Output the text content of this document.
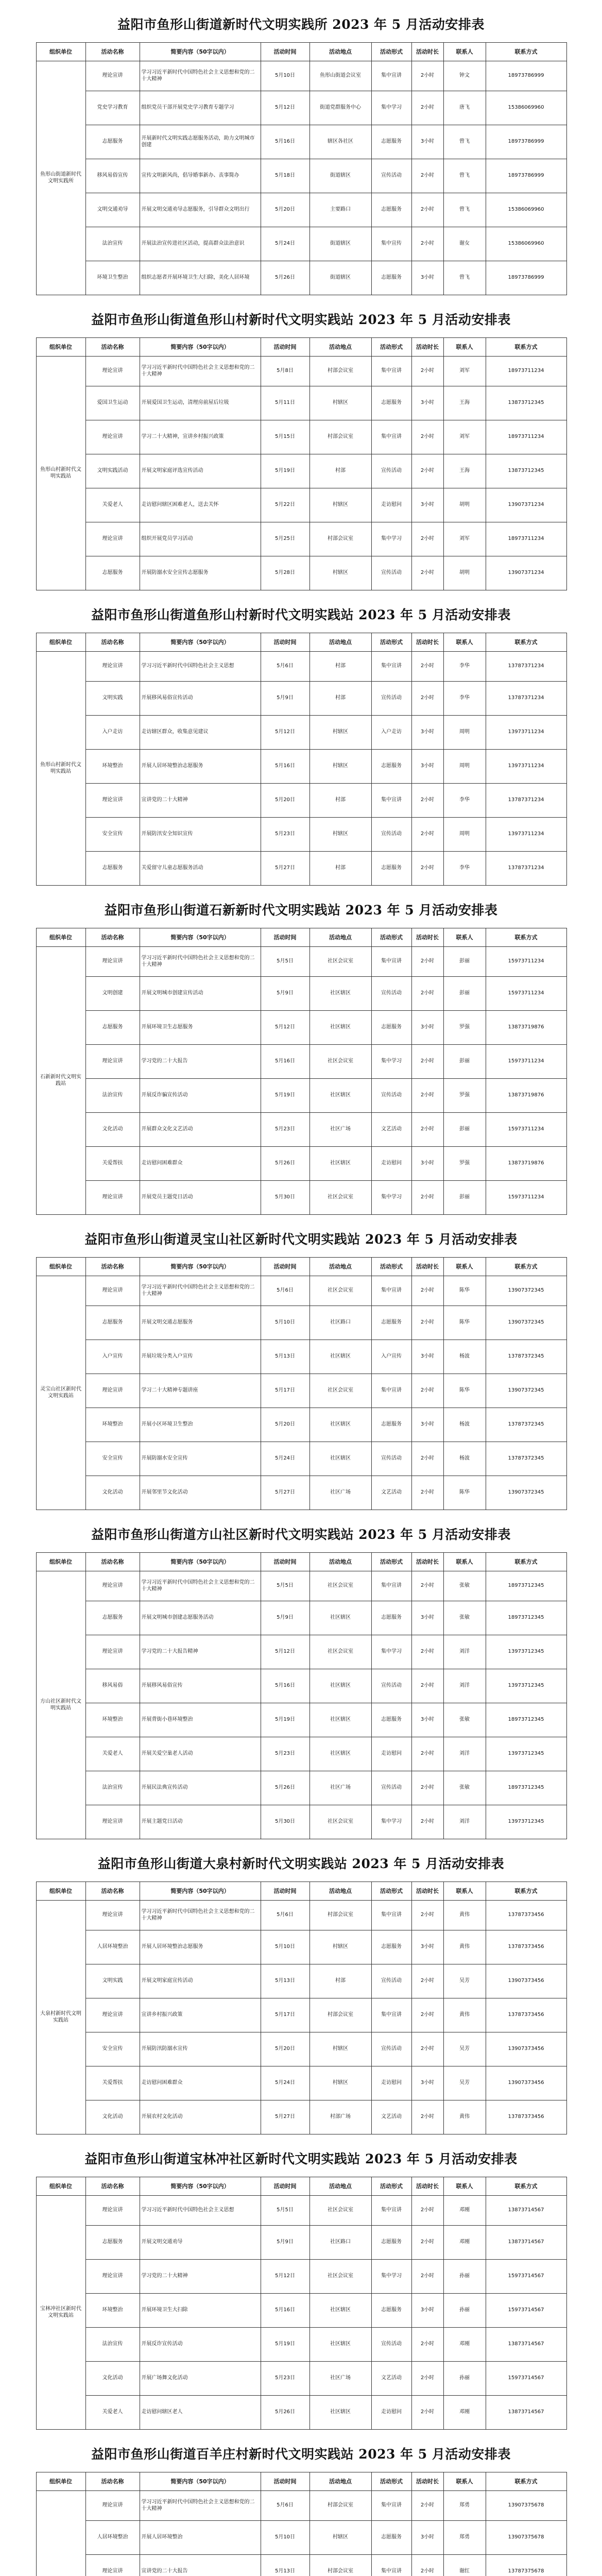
益阳市鱼形山街道新时代文明实践所 2023 年 5 月活动安排表
组织单位	活动名称	简要内容（50字以内）	活动时间	活动地点	活动形式	活动时长	联系人	联系方式
鱼形山街道新时代文明实践所	理论宣讲	学习习近平新时代中国特色社会主义思想和党的二十大精神	5月10日	鱼形山街道会议室	集中宣讲	2小时	钟文	18973786999
	党史学习教育	组织党员干部开展党史学习教育专题学习	5月12日	街道党群服务中心	集中学习	2小时	唐飞	15386069960
	志愿服务	开展新时代文明实践志愿服务活动，助力文明城市创建	5月16日	辖区各社区	志愿服务	3小时	曾飞	18973786999
	移风易俗宣传	宣传文明新风尚，倡导婚事新办、丧事简办	5月18日	街道辖区	宣传活动	2小时	曾飞	18973786999
	文明交通劝导	开展文明交通劝导志愿服务，引导群众文明出行	5月20日	主要路口	志愿服务	2小时	曾飞	15386069960
	法治宣传	开展法治宣传进社区活动，提高群众法治意识	5月24日	街道辖区	集中宣传	2小时	谢女	15386069960
	环境卫生整治	组织志愿者开展环境卫生大扫除，美化人居环境	5月26日	街道辖区	志愿服务	3小时	曾飞	18973786999
益阳市鱼形山街道鱼形山村新时代文明实践站 2023 年 5 月活动安排表
组织单位	活动名称	简要内容（50字以内）	活动时间	活动地点	活动形式	活动时长	联系人	联系方式
鱼形山村新时代文明实践站	理论宣讲	学习习近平新时代中国特色社会主义思想和党的二十大精神	5月8日	村部会议室	集中宣讲	2小时	刘军	18973711234
	爱国卫生运动	开展爱国卫生运动，清理房前屋后垃圾	5月11日	村辖区	志愿服务	3小时	王海	13873712345
	理论宣讲	学习二十大精神，宣讲乡村振兴政策	5月15日	村部会议室	集中宣讲	2小时	刘军	18973711234
	文明实践活动	开展文明家庭评选宣传活动	5月19日	村部	宣传活动	2小时	王海	13873712345
	关爱老人	走访慰问辖区困难老人，送去关怀	5月22日	村辖区	走访慰问	3小时	胡明	13907371234
	理论宣讲	组织开展党员学习活动	5月25日	村部会议室	集中学习	2小时	刘军	18973711234
	志愿服务	开展防溺水安全宣传志愿服务	5月28日	村辖区	宣传活动	2小时	胡明	13907371234
益阳市鱼形山街道鱼形山村新时代文明实践站 2023 年 5 月活动安排表
组织单位	活动名称	简要内容（50字以内）	活动时间	活动地点	活动形式	活动时长	联系人	联系方式
鱼形山村新时代文明实践站	理论宣讲	学习习近平新时代中国特色社会主义思想	5月6日	村部	集中宣讲	2小时	李华	13787371234
	文明实践	开展移风易俗宣传活动	5月9日	村部	宣传活动	2小时	李华	13787371234
	入户走访	走访辖区群众，收集意见建议	5月12日	村辖区	入户走访	3小时	周明	13973711234
	环境整治	开展人居环境整治志愿服务	5月16日	村辖区	志愿服务	3小时	周明	13973711234
	理论宣讲	宣讲党的二十大精神	5月20日	村部	集中宣讲	2小时	李华	13787371234
	安全宣传	开展防汛安全知识宣传	5月23日	村辖区	宣传活动	2小时	周明	13973711234
	志愿服务	关爱留守儿童志愿服务活动	5月27日	村部	志愿服务	2小时	李华	13787371234
益阳市鱼形山街道石新新时代文明实践站 2023 年 5 月活动安排表
组织单位	活动名称	简要内容（50字以内）	活动时间	活动地点	活动形式	活动时长	联系人	联系方式
石新新时代文明实践站	理论宣讲	学习习近平新时代中国特色社会主义思想和党的二十大精神	5月5日	社区会议室	集中宣讲	2小时	彭丽	15973711234
	文明创建	开展文明城市创建宣传活动	5月9日	社区辖区	宣传活动	2小时	彭丽	15973711234
	志愿服务	开展环境卫生志愿服务	5月12日	社区辖区	志愿服务	3小时	罗强	13873719876
	理论宣讲	学习党的二十大报告	5月16日	社区会议室	集中学习	2小时	彭丽	15973711234
	法治宣传	开展反诈骗宣传活动	5月19日	社区辖区	宣传活动	2小时	罗强	13873719876
	文化活动	开展群众文化文艺活动	5月23日	社区广场	文艺活动	2小时	彭丽	15973711234
	关爱帮扶	走访慰问困难群众	5月26日	社区辖区	走访慰问	3小时	罗强	13873719876
	理论宣讲	开展党员主题党日活动	5月30日	社区会议室	集中学习	2小时	彭丽	15973711234
益阳市鱼形山街道灵宝山社区新时代文明实践站 2023 年 5 月活动安排表
组织单位	活动名称	简要内容（50字以内）	活动时间	活动地点	活动形式	活动时长	联系人	联系方式
灵宝山社区新时代文明实践站	理论宣讲	学习习近平新时代中国特色社会主义思想和党的二十大精神	5月6日	社区会议室	集中宣讲	2小时	陈华	13907372345
	志愿服务	开展文明交通志愿服务	5月10日	社区路口	志愿服务	2小时	陈华	13907372345
	入户宣传	开展垃圾分类入户宣传	5月13日	社区辖区	入户宣传	3小时	杨波	13787372345
	理论宣讲	学习二十大精神专题讲座	5月17日	社区会议室	集中宣讲	2小时	陈华	13907372345
	环境整治	开展小区环境卫生整治	5月20日	社区辖区	志愿服务	3小时	杨波	13787372345
	安全宣传	开展防溺水安全宣传	5月24日	社区辖区	宣传活动	2小时	杨波	13787372345
	文化活动	开展邻里节文化活动	5月27日	社区广场	文艺活动	2小时	陈华	13907372345
益阳市鱼形山街道方山社区新时代文明实践站 2023 年 5 月活动安排表
组织单位	活动名称	简要内容（50字以内）	活动时间	活动地点	活动形式	活动时长	联系人	联系方式
方山社区新时代文明实践站	理论宣讲	学习习近平新时代中国特色社会主义思想和党的二十大精神	5月5日	社区会议室	集中宣讲	2小时	张敏	18973712345
	志愿服务	开展文明城市创建志愿服务活动	5月9日	社区辖区	志愿服务	3小时	张敏	18973712345
	理论宣讲	学习党的二十大报告精神	5月12日	社区会议室	集中学习	2小时	刘洋	13973712345
	移风易俗	开展移风易俗宣传	5月16日	社区辖区	宣传活动	2小时	刘洋	13973712345
	环境整治	开展背街小巷环境整治	5月19日	社区辖区	志愿服务	3小时	张敏	18973712345
	关爱老人	开展关爱空巢老人活动	5月23日	社区辖区	走访慰问	2小时	刘洋	13973712345
	法治宣传	开展民法典宣传活动	5月26日	社区广场	宣传活动	2小时	张敏	18973712345
	理论宣讲	开展主题党日活动	5月30日	社区会议室	集中学习	2小时	刘洋	13973712345
益阳市鱼形山街道大泉村新时代文明实践站 2023 年 5 月活动安排表
组织单位	活动名称	简要内容（50字以内）	活动时间	活动地点	活动形式	活动时长	联系人	联系方式
大泉村新时代文明实践站	理论宣讲	学习习近平新时代中国特色社会主义思想和党的二十大精神	5月6日	村部会议室	集中宣讲	2小时	黄伟	13787373456
	人居环境整治	开展人居环境整治志愿服务	5月10日	村辖区	志愿服务	3小时	黄伟	13787373456
	文明实践	开展文明家庭宣传活动	5月13日	村部	宣传活动	2小时	吴芳	13907373456
	理论宣讲	宣讲乡村振兴政策	5月17日	村部会议室	集中宣讲	2小时	黄伟	13787373456
	安全宣传	开展防汛防溺水宣传	5月20日	村辖区	宣传活动	2小时	吴芳	13907373456
	关爱帮扶	走访慰问困难群众	5月24日	村辖区	走访慰问	3小时	吴芳	13907373456
	文化活动	开展农村文化活动	5月27日	村部广场	文艺活动	2小时	黄伟	13787373456
益阳市鱼形山街道宝林冲社区新时代文明实践站 2023 年 5 月活动安排表
组织单位	活动名称	简要内容（50字以内）	活动时间	活动地点	活动形式	活动时长	联系人	联系方式
宝林冲社区新时代文明实践站	理论宣讲	学习习近平新时代中国特色社会主义思想	5月5日	社区会议室	集中宣讲	2小时	邓刚	13873714567
	志愿服务	开展文明交通劝导	5月9日	社区路口	志愿服务	2小时	邓刚	13873714567
	理论宣讲	学习党的二十大精神	5月12日	社区会议室	集中学习	2小时	孙丽	15973714567
	环境整治	开展环境卫生大扫除	5月16日	社区辖区	志愿服务	3小时	孙丽	15973714567
	法治宣传	开展反诈宣传活动	5月19日	社区辖区	宣传活动	2小时	邓刚	13873714567
	文化活动	开展广场舞文化活动	5月23日	社区广场	文艺活动	2小时	孙丽	15973714567
	关爱老人	走访慰问辖区老人	5月26日	社区辖区	走访慰问	2小时	邓刚	13873714567
益阳市鱼形山街道百羊庄村新时代文明实践站 2023 年 5 月活动安排表
组织单位	活动名称	简要内容（50字以内）	活动时间	活动地点	活动形式	活动时长	联系人	联系方式
	理论宣讲	学习习近平新时代中国特色社会主义思想和党的二十大精神	5月6日	村部会议室	集中宣讲	2小时	郑勇	13907375678
	人居环境整治	开展人居环境整治	5月10日	村辖区	志愿服务	3小时	郑勇	13907375678
	理论宣讲	宣讲党的二十大报告	5月13日	村部会议室	集中宣讲	2小时	谢红	13787375678
